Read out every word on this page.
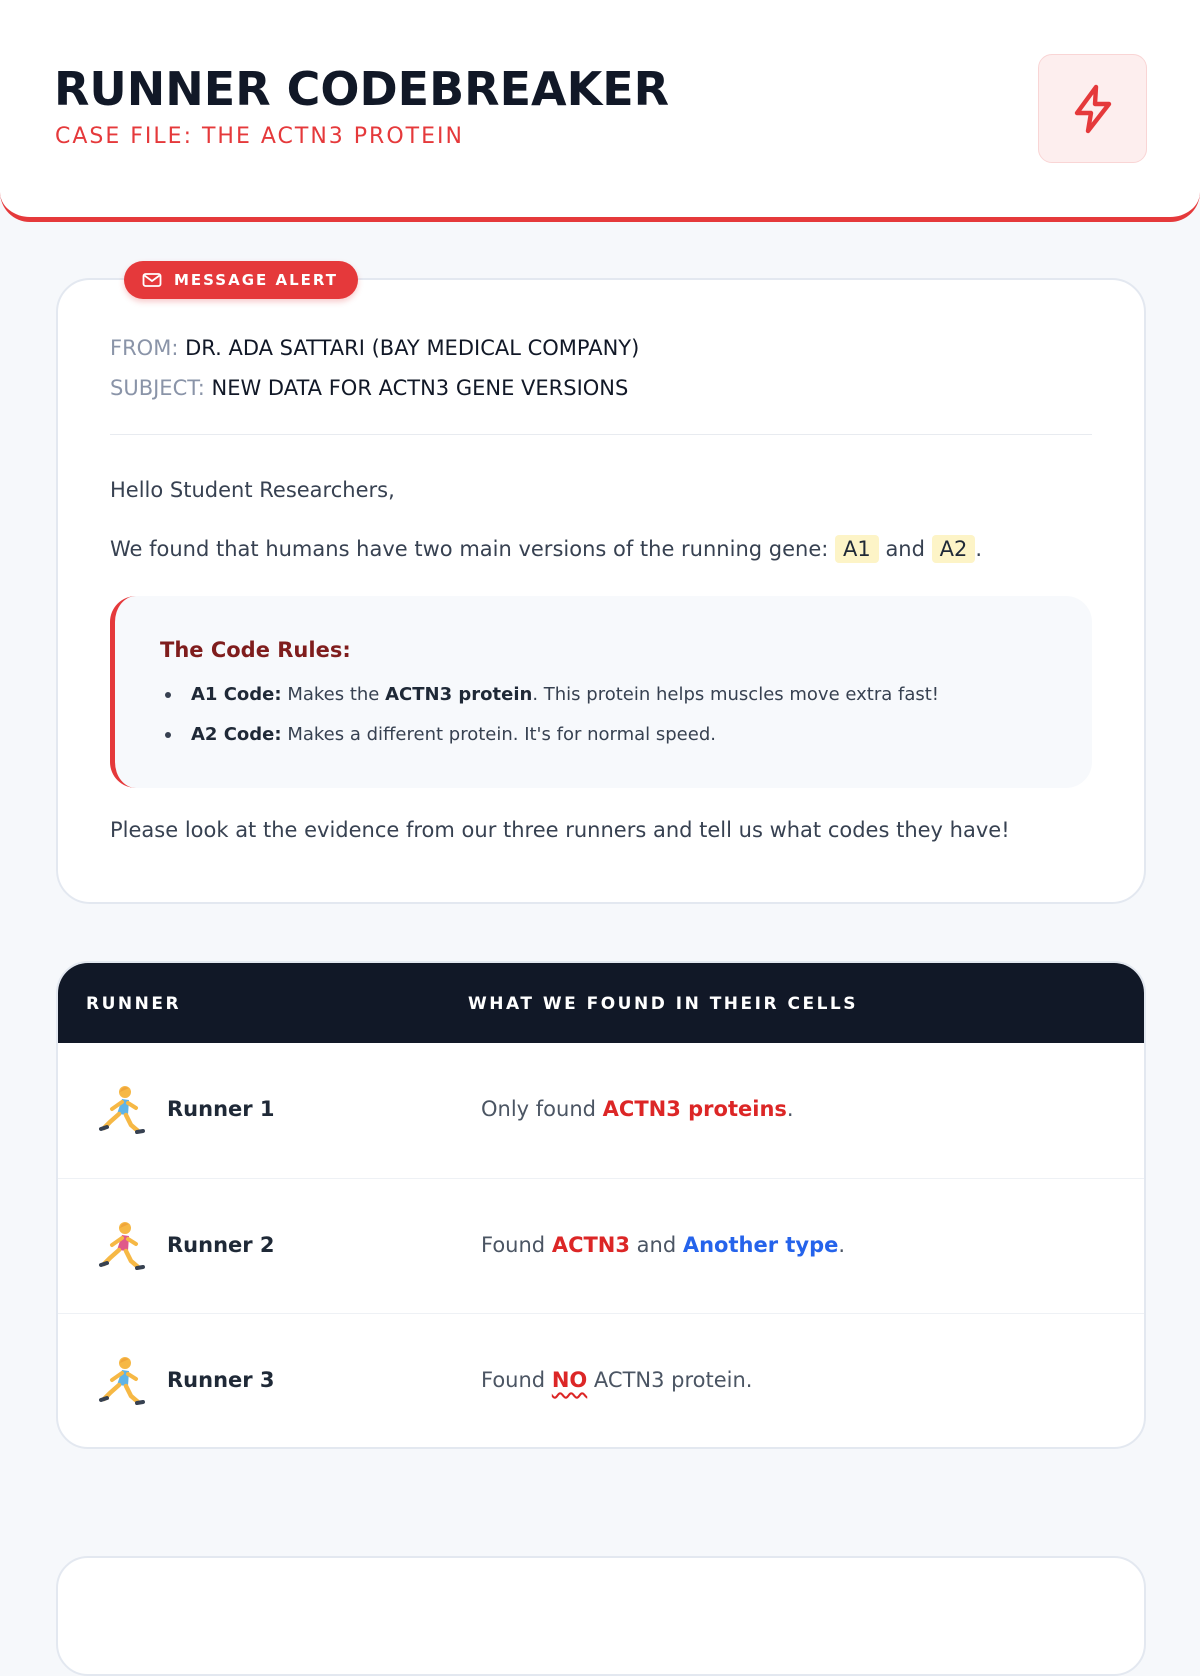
RUNNER CODEBREAKER
CASE FILE: THE ACTN3 PROTEIN
MESSAGE ALERT
FROM: DR. ADA SATTARI (BAY MEDICAL COMPANY)
SUBJECT: NEW DATA FOR ACTN3 GENE VERSIONS
Hello Student Researchers,
We found that humans have two main versions of the running gene: A1 and A2 .
The Code Rules:
A1 Code:
Makes the
ACTN3 protein . This protein helps muscles move extra fast!
A2 Code:
Makes a different protein. It's for normal speed.
Please look at the evidence from our three runners and tell us what codes they have!
RUNNER	WHAT WE FOUND IN THEIR CELLS
Runner 1	Only found ACTN3 proteins.
Runner 2	Found ACTN3 and Another type.
Runner 3	Found NO ACTN3 protein.
